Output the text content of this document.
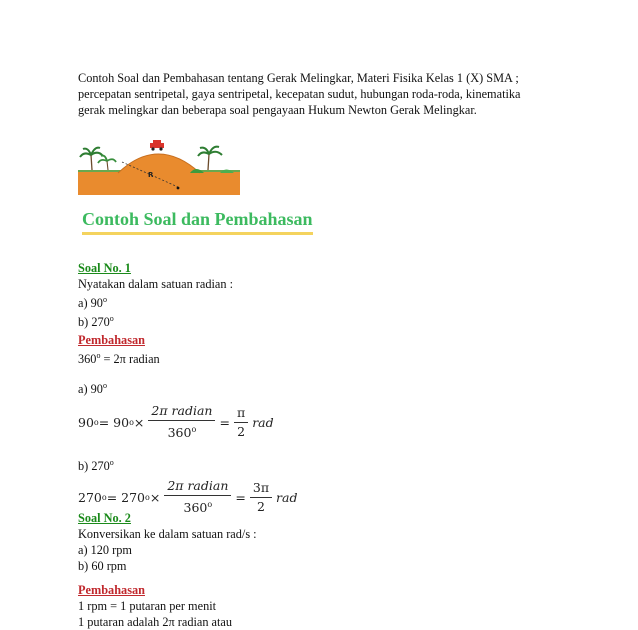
Contoh Soal dan Pembahasan tentang Gerak Melingkar, Materi Fisika Kelas 1 (X) SMA ;

percepatan sentripetal, gaya sentripetal, kecepatan sudut, hubungan roda-roda, kinematika

gerak melingkar dan beberapa soal pengayaan Hukum Newton Gerak Melingkar.

R
Contoh Soal dan Pembahasan

Soal No. 1

Nyatakan dalam satuan radian :

a) 90$^o$

b) 270$^o$

Pembahasan

$360^o = 2\pi$ radian

a) 90$^o$

90 o = 90 $o \times \frac{\text{2π radian}}{360^o} = \frac{\pi}{2}$ rad

b) 270$^o$

270 o = 270 $o \times \frac{\text{2π radian}}{360^o} = \frac{3\pi}{2}$ rad

Soal No. 2

Konversikan ke dalam satuan rad/s :

a) 120 rpm

b) 60 rpm

Pembahasan

1 rpm = 1 putaran per menit

1 putaran adalah 2π radian atau
